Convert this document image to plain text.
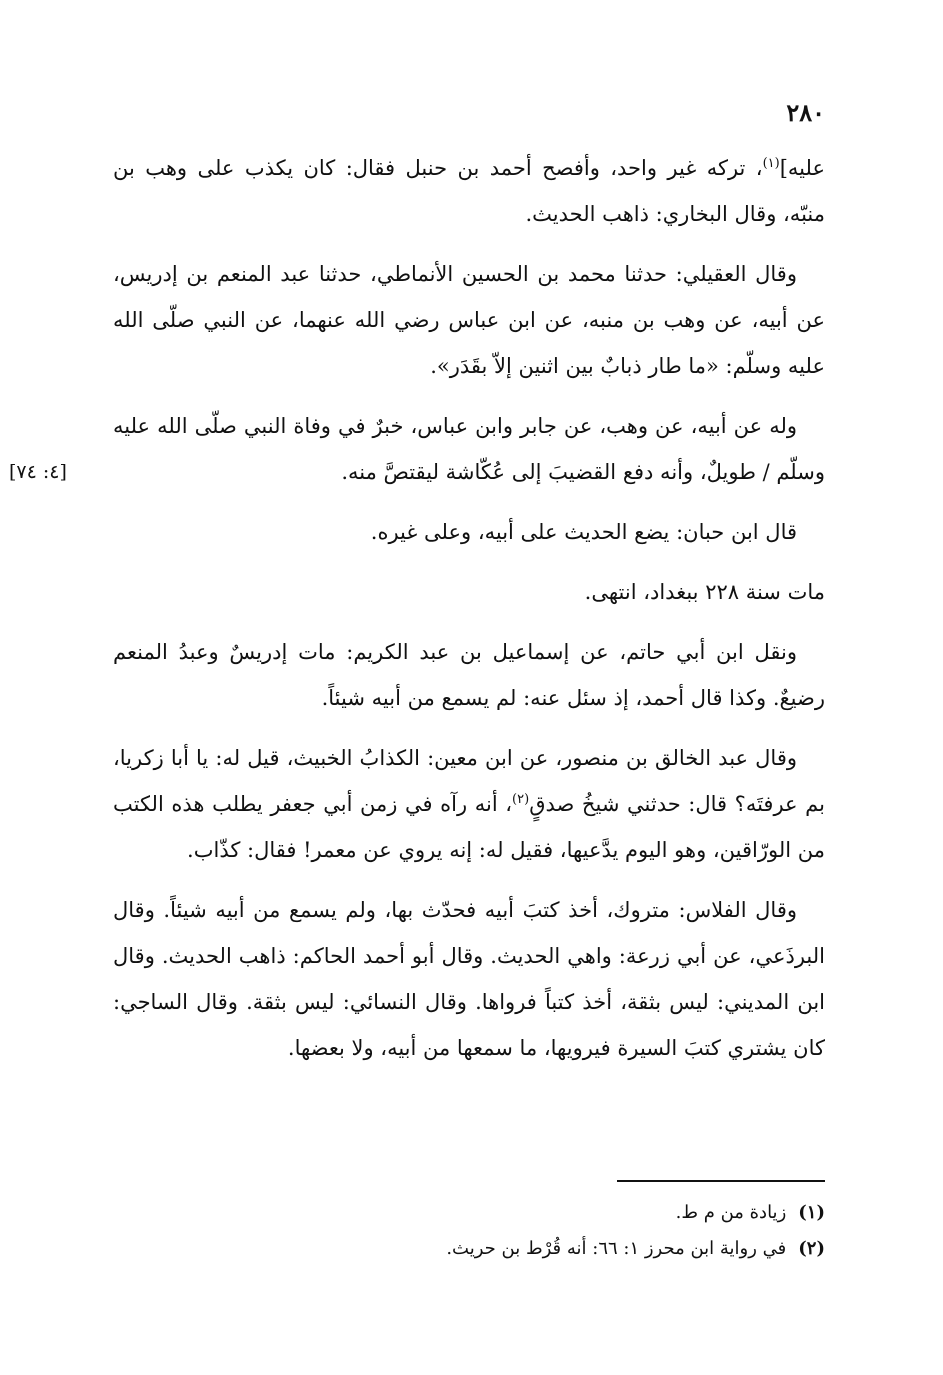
٢٨٠

عليه]$^{(١)}$، تركه غير واحد، وأفصح أحمد بن حنبل فقال: كان يكذب على وهب بن منبّه، وقال البخاري: ذاهب الحديث.

وقال العقيلي: حدثنا محمد بن الحسين الأنماطي، حدثنا عبد المنعم بن إدريس، عن أبيه، عن وهب بن منبه، عن ابن عباس رضي الله عنهما، عن النبي صلّى الله عليه وسلّم: «ما طار ذبابٌ بين اثنين إلاّ بقَدَر».

وله عن أبيه، عن وهب، عن جابر وابن عباس، خبرٌ في وفاة النبي صلّى الله عليه وسلّم / طويلٌ، وأنه دفع القضيبَ إلى عُكّاشة ليقتصَّ منه.

[٤: ٧٤]

قال ابن حبان: يضع الحديث على أبيه، وعلى غيره.

مات سنة ٢٢٨ ببغداد، انتهى.

ونقل ابن أبي حاتم، عن إسماعيل بن عبد الكريم: مات إدريسٌ وعبدُ المنعم رضيعٌ. وكذا قال أحمد، إذ سئل عنه: لم يسمع من أبيه شيئاً.

وقال عبد الخالق بن منصور، عن ابن معين: الكذابُ الخبيث، قيل له: يا أبا زكريا، بم عرفتَه؟ قال: حدثني شيخُ صدقٍ$^{(٢)}$، أنه رآه في زمن أبي جعفر يطلب هذه الكتب من الورّاقين، وهو اليوم يدَّعيها، فقيل له: إنه يروي عن معمر! فقال: كذّاب.

وقال الفلاس: متروك، أخذ كتبَ أبيه فحدّث بها، ولم يسمع من أبيه شيئاً. وقال البرذَعي، عن أبي زرعة: واهي الحديث. وقال أبو أحمد الحاكم: ذاهب الحديث. وقال ابن المديني: ليس بثقة، أخذ كتباً فرواها. وقال النسائي: ليس بثقة. وقال الساجي: كان يشتري كتبَ السيرة فيرويها، ما سمعها من أبيه، ولا بعضها.

(١)زيادة من م ط.

(٢)في رواية ابن محرز ١: ٦٦: أنه قُرْط بن حريث.
